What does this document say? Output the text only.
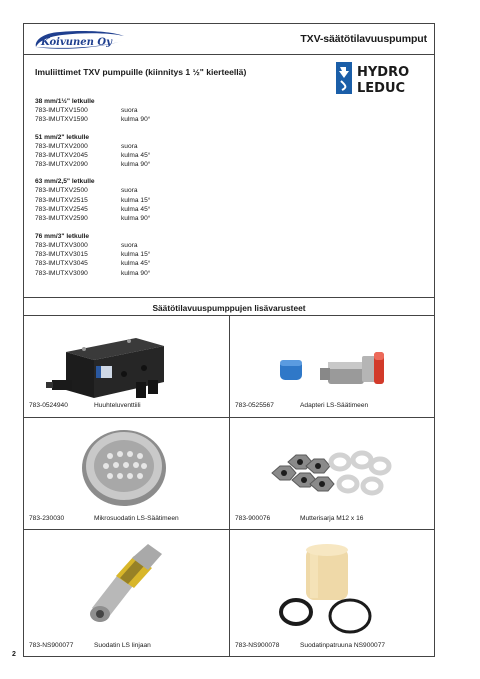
Koivunen Oy	TXV-säätötilavuuspumput
Imuliittimet TXV pumpuille (kiinnitys 1 ½" kierteellä)	HYDRO
LEDUC
38 mm/1½" letkulle
783-IMUTXV1500	suora
783-IMUTXV1590	kulma 90°
51 mm/2" letkulle
783-IMUTXV2000	suora
783-IMUTXV2045	kulma 45°
783-IMUTXV2090	kulma 90°
63 mm/2,5" letkulle
783-IMUTXV2500	suora
783-IMUTXV2515	kulma 15°
783-IMUTXV2545	kulma 45°
783-IMUTXV2590	kulma 90°
76 mm/3" letkulle
783-IMUTXV3000	suora
783-IMUTXV3015	kulma 15°
783-IMUTXV3045	kulma 45°
783-IMUTXV3090	kulma 90°
Säätötilavuuspumppujen lisävarusteet
783-0524940	Huuhteluventtiili	783-0525567	Adapteri LS-Säätimeen
783-230030	Mikrosuodatin LS-Säätimeen	783-900076	Mutterisarja M12 x 16
783-NS900077	Suodatin LS linjaan	783-NS900078	Suodatinpatruuna NS900077
2
